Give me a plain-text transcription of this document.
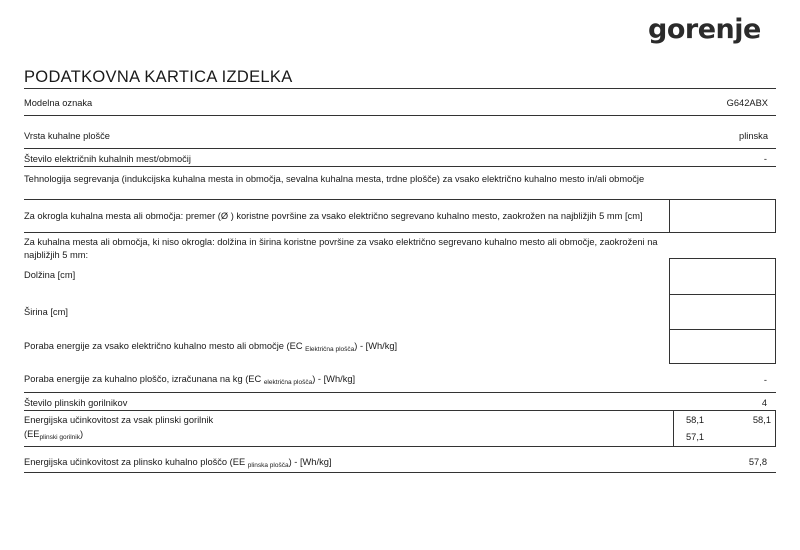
gorenje
PODATKOVNA KARTICA IZDELKA
Modelna oznaka	G642ABX
Vrsta kuhalne plošče	plinska
Število električnih kuhalnih mest/območij	-
Tehnologija segrevanja (indukcijska kuhalna mesta in območja, sevalna kuhalna mesta, trdne plošče) za vsako električno kuhalno mesto in/ali območje
Za okrogla kuhalna mesta ali območja: premer (Ø ) koristne površine za vsako električno segrevano kuhalno mesto, zaokrožen na najbližjih 5 mm [cm]
Za kuhalna mesta ali območja, ki niso okrogla: dolžina in širina koristne površine za vsako električno segrevano kuhalno mesto ali območje, zaokroženi na najbližjih 5 mm:
Dolžina [cm]
Širina [cm]
Poraba energije za vsako električno kuhalno mesto ali območje (EC $_{Električna plošča}$) - [Wh/kg]
Poraba energije za kuhalno ploščo, izračunana na kg (EC $_{električna plošča}$) - [Wh/kg]	-
Število plinskih gorilnikov	4
Energijska učinkovitost za vsak plinski gorilnik
$(EE_{plinski gorilnik})$
58,1	58,1
57,1
Energijska učinkovitost za plinsko kuhalno ploščo (EE $_{plinska plošča}$) - [Wh/kg]	57,8
